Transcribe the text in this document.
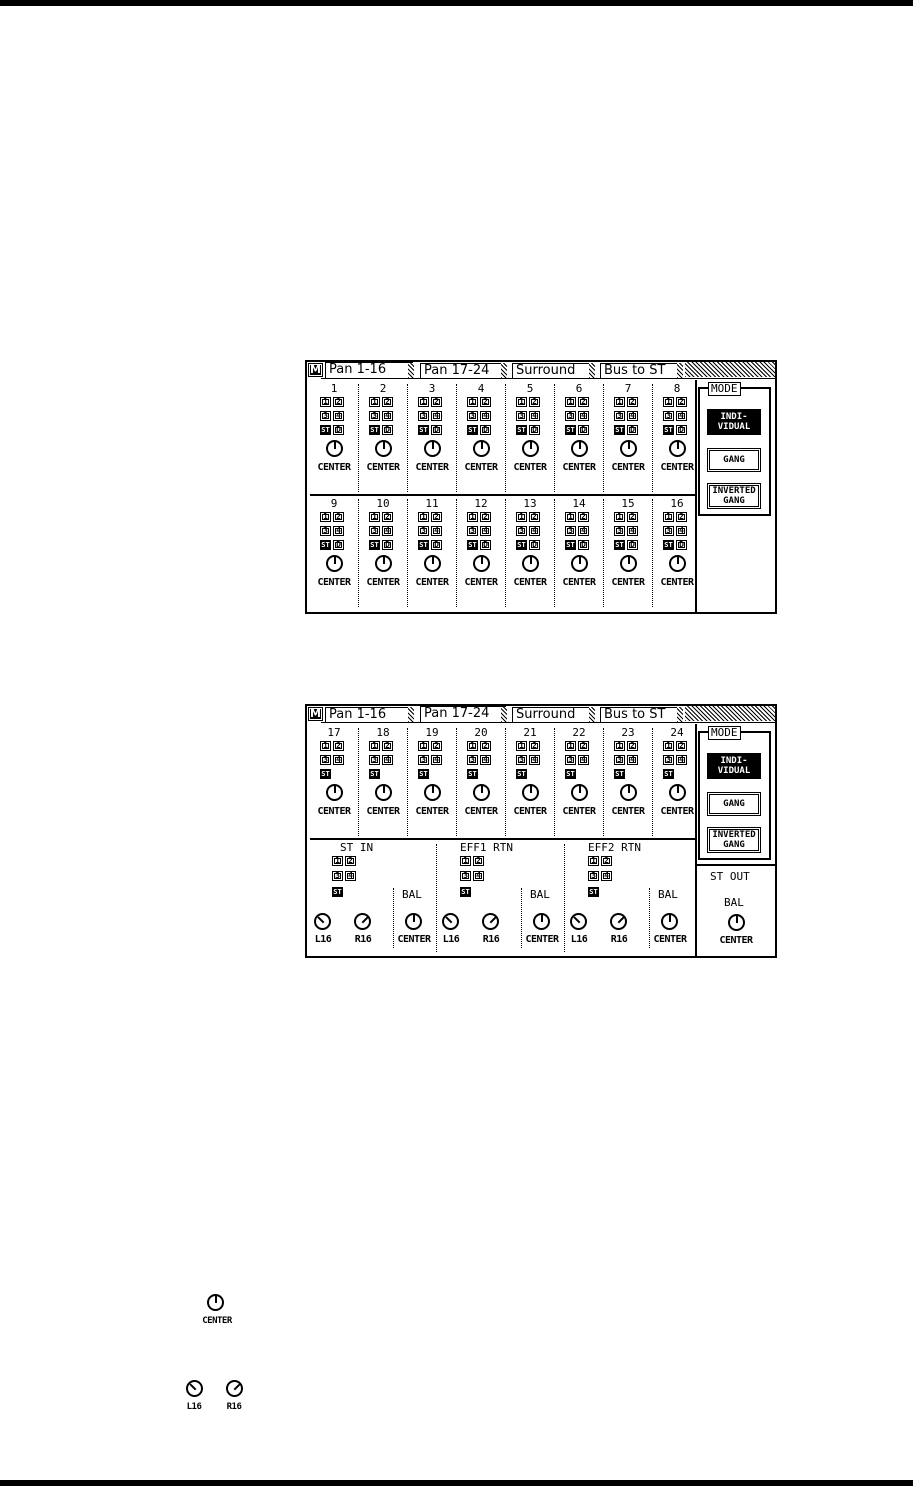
M Pan 1-16	Pan 17-24	Surround	Bus to ST
1
1	2
3	4
ST D
CENTER
9
1	2
3	4
ST D
CENTER
2
1	2
3	4
ST D
CENTER
10
1	2
3	4
ST D
CENTER
3
1	2
3	4
ST D
CENTER
11
1	2
3	4
ST D
CENTER
4
1	2
3	4
ST D
CENTER
12
1	2
3	4
ST D
CENTER
5
1	2
3	4
ST D
CENTER
13
1	2
3	4
ST D
CENTER
6
1	2
3	4
ST D
CENTER
14
1	2
3	4
ST D
CENTER
7
1	2
3	4
ST D
CENTER
15
1	2
3	4
ST D
CENTER
8
1	2
3	4
ST D
CENTER
16
1	2
3	4
ST D
CENTER
MODE
INDI-
VIDUAL
GANG
INVERTED
GANG
M Pan 1-16	Pan 17-24	Surround	Bus to ST
17
1	2
3	4
ST
CENTER
18
1	2
3	4
ST
CENTER
19
1	2
3	4
ST
CENTER
20
1	2
3	4
ST
CENTER
21
1	2
3	4
ST
CENTER
22
1	2
3	4
ST
CENTER
23
1	2
3	4
ST
CENTER
24
1	2
3	4
ST
CENTER
MODE
INDI-
VIDUAL
GANG
INVERTED
GANG
ST IN
1	2
3	4
ST
L16	R16
BAL
CENTER
EFF1 RTN
1	2
3	4
ST
L16	R16
BAL
CENTER
EFF2 RTN
1	2
3	4
ST
L16	R16
BAL
CENTER
ST OUT
BAL
CENTER
CENTER
L16	R16
